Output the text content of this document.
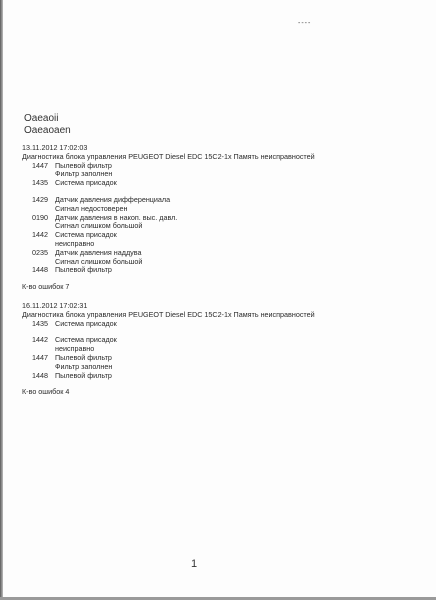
----
Oaeaoii
Oaeaoaen
13.11.2012 17:02:03
Диагностика блока управления PEUGEOT Diesel EDC 15C2-1x Память неисправностей
1447 Пылевой фильтр
Фильтр заполнен
1435 Система присадок
1429 Датчик давления дифференциала
Сигнал недостоверен
0190 Датчик давления в накоп. выс. давл.
Сигнал слишком большой
1442 Система присадок
неисправно
0235 Датчик давления наддува
Сигнал слишком большой
1448 Пылевой фильтр
К-во ошибок 7
16.11.2012 17:02:31
Диагностика блока управления PEUGEOT Diesel EDC 15C2-1x Память неисправностей
1435 Система присадок
1442 Система присадок
неисправно
1447 Пылевой фильтр
Фильтр заполнен
1448 Пылевой фильтр
К-во ошибок 4
1
